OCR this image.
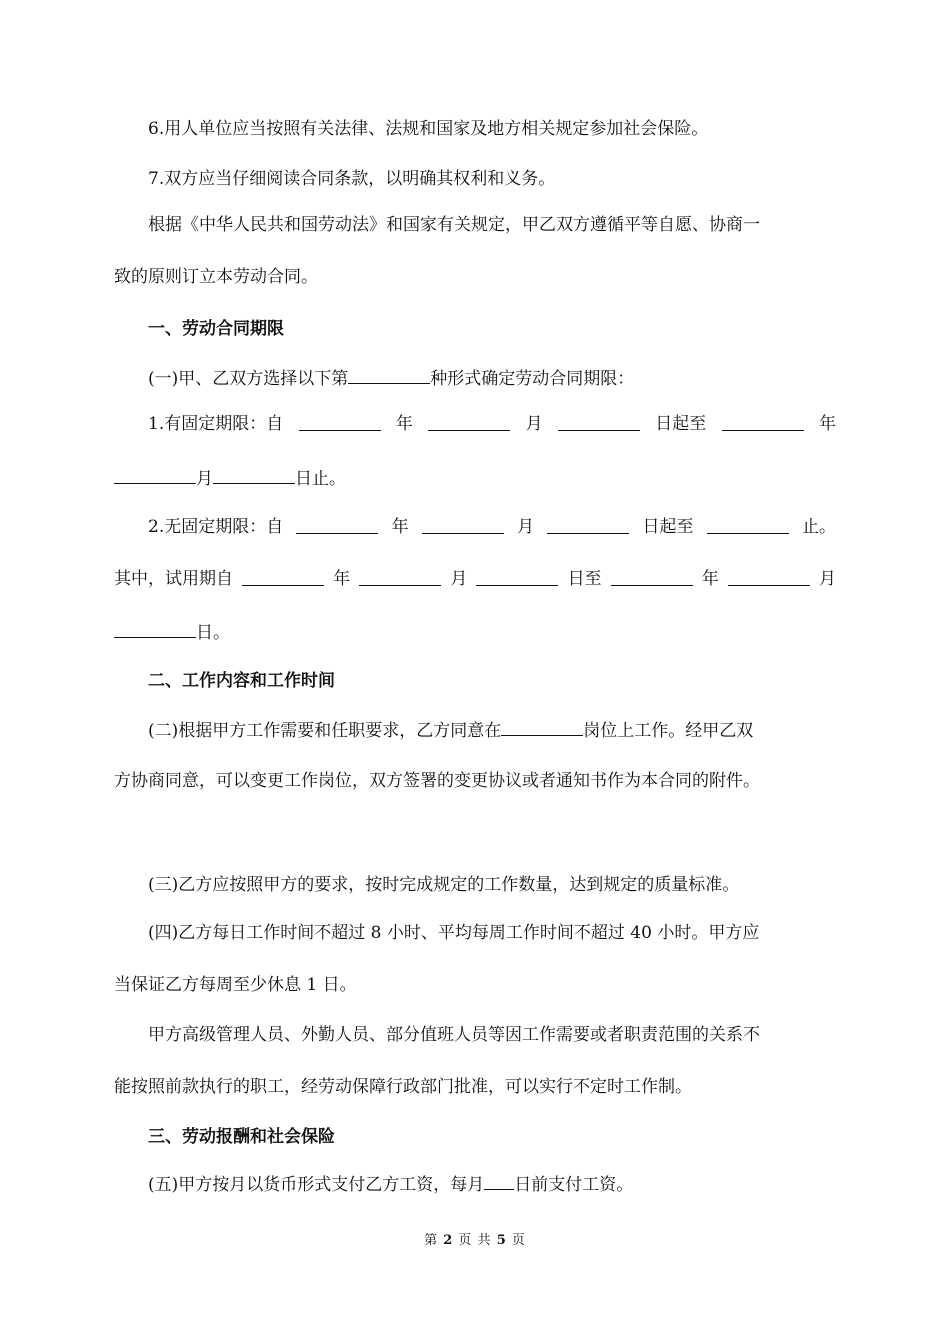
6.用人单位应当按照有关法律、法规和国家及地方相关规定参加社会保险。
7.双方应当仔细阅读合同条款，以明确其权利和义务。
根据《中华人民共和国劳动法》和国家有关规定，甲乙双方遵循平等自愿、协商一
致的原则订立本劳动合同。
一、劳动合同期限
(一)甲、乙双方选择以下第	种形式确定劳动合同期限：
1.有固定期限：自	年	月	日起至	年
月	日止。
2.无固定期限：自	年	月	日起至	止。
其中，试用期自	年	月	日至	年	月
日。
二、工作内容和工作时间
(二)根据甲方工作需要和任职要求，乙方同意在	岗位上工作。经甲乙双
方协商同意，可以变更工作岗位，双方签署的变更协议或者通知书作为本合同的附件。
(三)乙方应按照甲方的要求，按时完成规定的工作数量，达到规定的质量标准。
(四)乙方每日工作时间不超过 8 小时、平均每周工作时间不超过 40 小时。甲方应
当保证乙方每周至少休息 1 日。
甲方高级管理人员、外勤人员、部分值班人员等因工作需要或者职责范围的关系不
能按照前款执行的职工，经劳动保障行政部门批准，可以实行不定时工作制。
三、劳动报酬和社会保险
(五)甲方按月以货币形式支付乙方工资，每月 日前支付工资。
第 2 页 共 5 页
